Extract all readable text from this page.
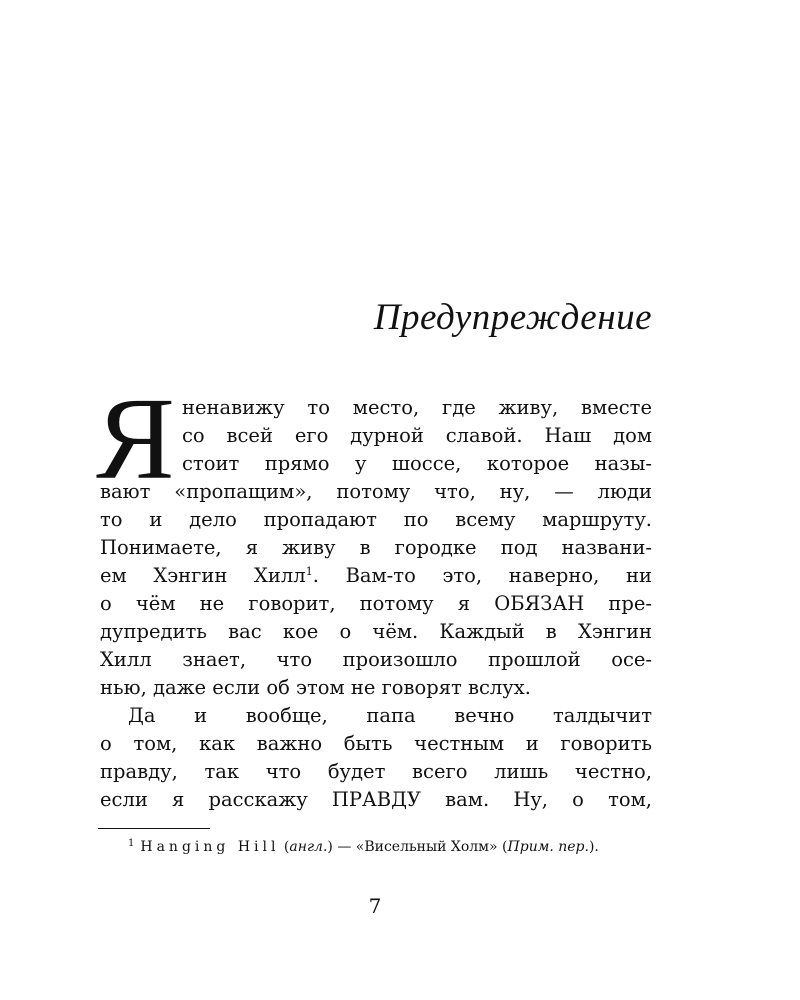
Предупреждение
Я ненавижу то место, где живу, вместе
со всей его дурной славой. Наш дом
стоит прямо у шоссе, которое назы-
вают «пропащим», потому что, ну, — люди
то и дело пропадают по всему маршруту.
Понимаете, я живу в городке под названи-
ем Хэнгин Хилл$^1$. Вам-то это, наверно, ни
о чём не говорит, потому я ОБЯЗАН пре-
дупредить вас кое о чём. Каждый в Хэнгин
Хилл знает, что произошло прошлой осе-
нью, даже если об этом не говорят вслух.
Да и вообще, папа вечно талдычит
о том, как важно быть честным и говорить
правду, так что будет всего лишь честно,
если я расскажу ПРАВДУ вам. Ну, о том,
$^1$ Hanging Hill (англ.) — «Висельный Холм» (Прим. пер.).
7
